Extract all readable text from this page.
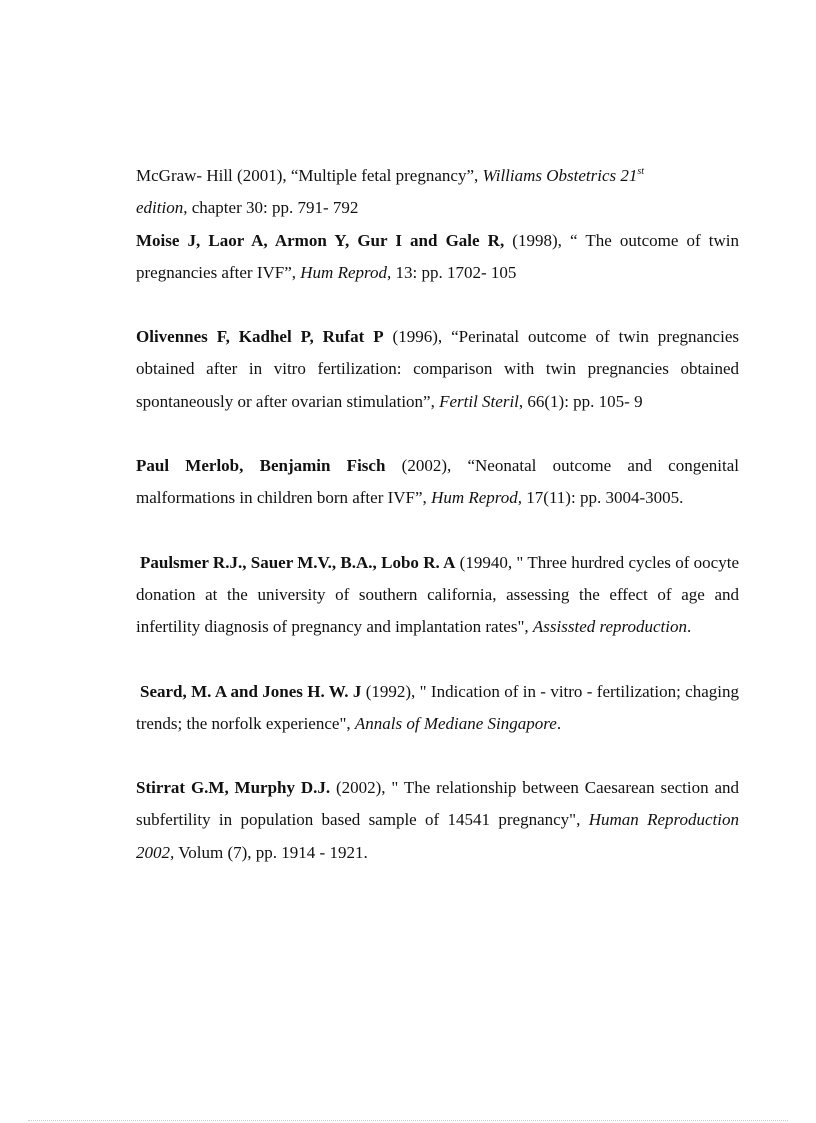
McGraw- Hill (2001), “Multiple fetal pregnancy”, Williams Obstetrics 21st
edition, chapter 30: pp. 791- 792

Moise J, Laor A, Armon Y, Gur I and Gale R, (1998), “ The outcome of twin pregnancies after IVF”, Hum Reprod, 13: pp. 1702- 105

Olivennes F, Kadhel P, Rufat P (1996), “Perinatal outcome of twin pregnancies obtained after in vitro fertilization: comparison with twin pregnancies obtained spontaneously or after ovarian stimulation”, Fertil Steril, 66(1): pp. 105- 9

Paul Merlob, Benjamin Fisch (2002), “Neonatal outcome and congenital malformations in children born after IVF”, Hum Reprod, 17(11): pp. 3004-3005.

Paulsmer R.J., Sauer M.V., B.A., Lobo R. A (19940, " Three hurdred cycles of oocyte donation at the university of southern california, assessing the effect of age and infertility diagnosis of pregnancy and implantation rates", Assissted reproduction.

Seard, M. A and Jones H. W. J (1992), " Indication of in - vitro - fertilization; chaging trends; the norfolk experience", Annals of Mediane Singapore.

Stirrat G.M, Murphy D.J. (2002), " The relationship between Caesarean section and subfertility in population based sample of 14541 pregnancy", Human Reproduction 2002, Volum (7), pp. 1914 - 1921.
